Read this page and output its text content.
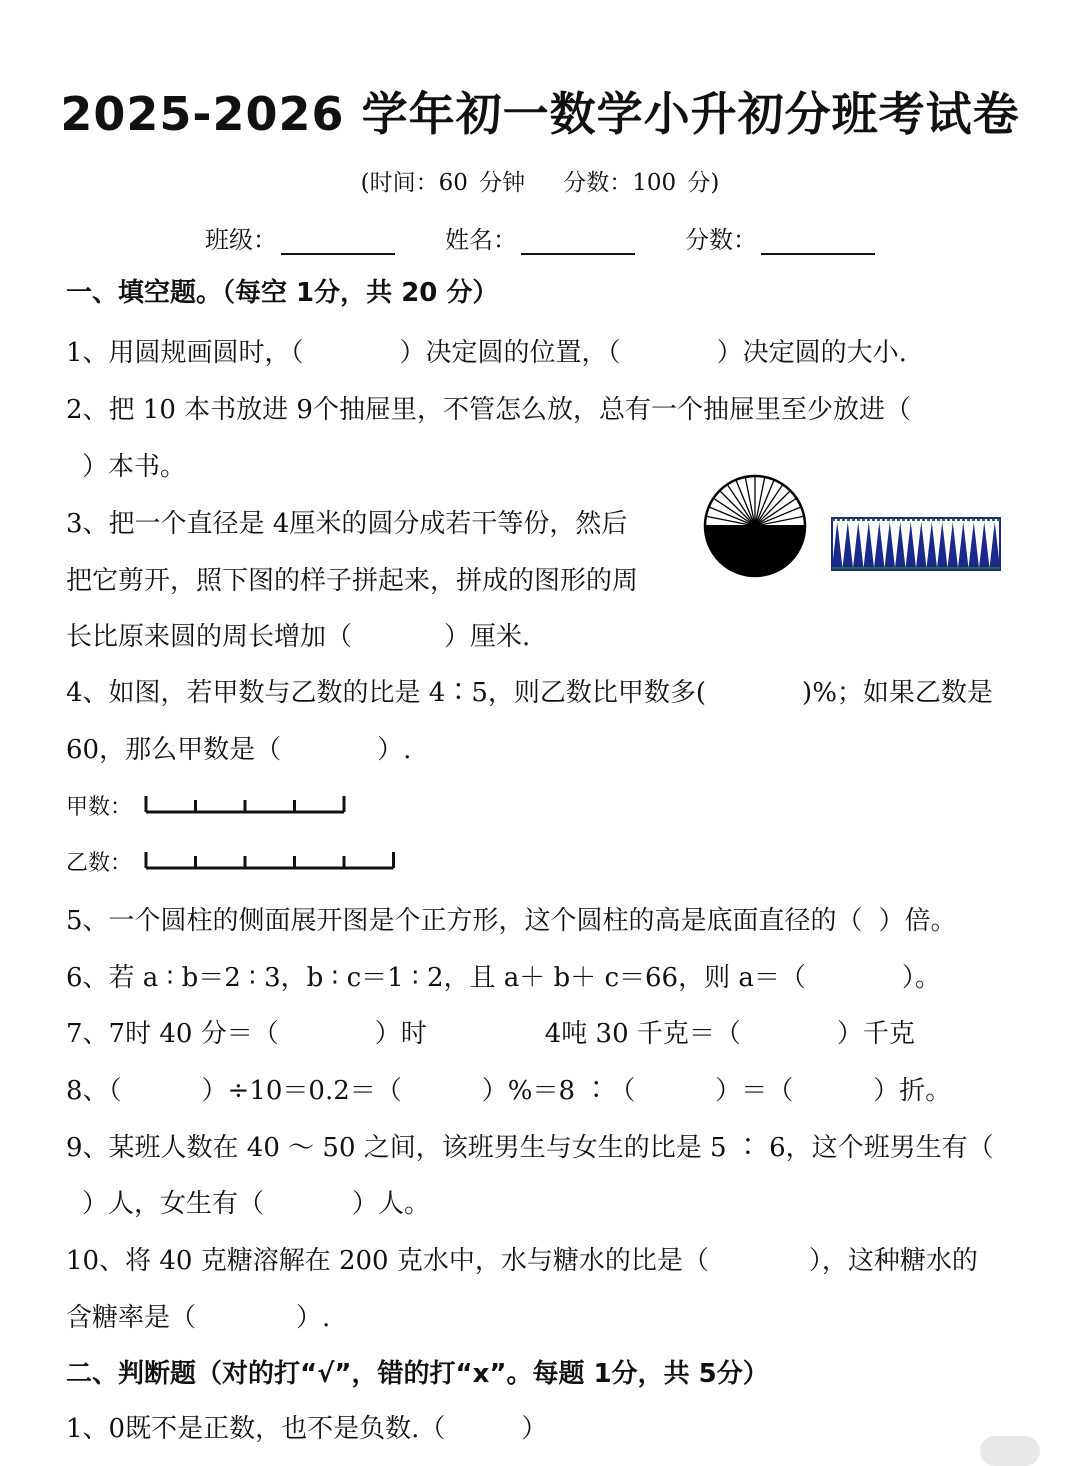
2025-2026 学年初一数学小升初分班考试卷
(时间：60 分钟 分数：100 分)
班级：	姓名：	分数：
一、填空题。（每空 1分，共 20 分）
1、用圆规画圆时，（	）决定圆的位置，（	）决定圆的大小.
2、把 10 本书放进 9个抽屉里，不管怎么放，总有一个抽屉里至少放进（
）本书。
3、把一个直径是 4厘米的圆分成若干等份，然后
把它剪开，照下图的样子拼起来，拼成的图形的周
长比原来圆的周长增加（	）厘米.
4、如图，若甲数与乙数的比是 4∶5，则乙数比甲数多(	)%；如果乙数是
60，那么甲数是（	）.
甲数：
乙数：
5、一个圆柱的侧面展开图是个正方形，这个圆柱的高是底面直径的（ ）倍。
6、若 a ∶ b＝2 ∶ 3，b ∶ c＝1 ∶ 2，且 a＋ b＋ c＝66，则 a＝（	）。
7、7时 40 分＝（	）时	4吨 30 千克＝（	）千克
8、（	）÷10＝0.2＝（	）%＝8 ∶（	）＝（	）折。
9、某班人数在 40 ～ 50 之间，该班男生与女生的比是 5 ∶ 6，这个班男生有（
）人，女生有（	）人。
10、将 40 克糖溶解在 200 克水中，水与糖水的比是（	），这种糖水的
含糖率是（	）.
二、判断题（对的打“√”，错的打“x”。每题 1分，共 5分）
1、0既不是正数，也不是负数.（	）
